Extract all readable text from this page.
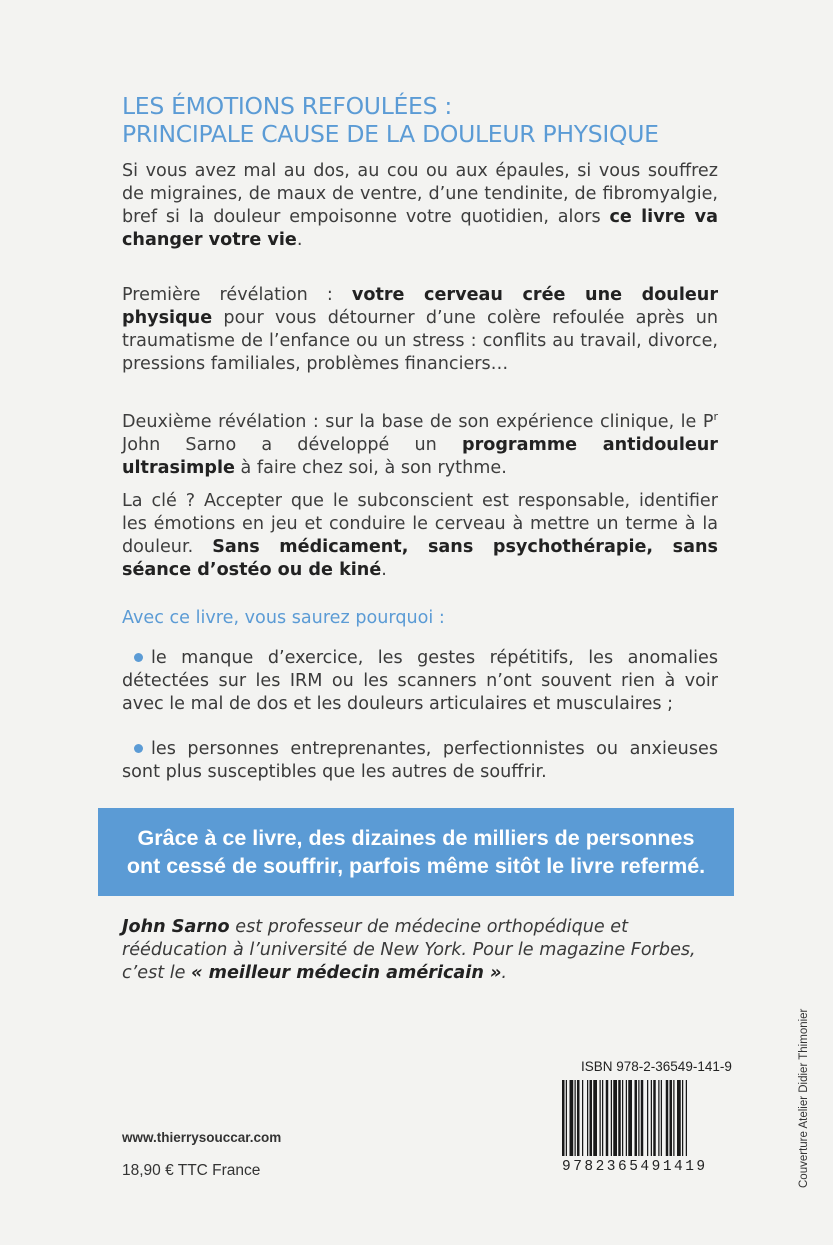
LES ÉMOTIONS REFOULÉES :
PRINCIPALE CAUSE DE LA DOULEUR PHYSIQUE

Si vous avez mal au dos, au cou ou aux épaules, si vous souffrez de migraines, de maux de ventre, d’une tendinite, de fibromyalgie, bref si la douleur empoisonne votre quotidien, alors ce livre va changer votre vie.

Première révélation : votre cerveau crée une douleur physique pour vous détourner d’une colère refoulée après un traumatisme de l’enfance ou un stress : conflits au travail, divorce, pressions familiales, problèmes financiers…

Deuxième révélation : sur la base de son expérience clinique, le $P^r$ John Sarno a développé un programme antidouleur ultrasimple à faire chez soi, à son rythme.

La clé ? Accepter que le subconscient est responsable, identifier les émotions en jeu et conduire le cerveau à mettre un terme à la douleur. Sans médicament, sans psychothérapie, sans séance d’ostéo ou de kiné.

Avec ce livre, vous saurez pourquoi :

le manque d’exercice, les gestes répétitifs, les anomalies détectées sur les IRM ou les scanners n’ont souvent rien à voir avec le mal de dos et les douleurs articulaires et musculaires ;

les personnes entreprenantes, perfectionnistes ou anxieuses sont plus susceptibles que les autres de souffrir.

Grâce à ce livre, des dizaines de milliers de personnes
ont cessé de souffrir, parfois même sitôt le livre refermé.

John Sarno est professeur de médecine orthopédique et rééducation à l’université de New York. Pour le magazine Forbes, c’est le « meilleur médecin américain ».

ISBN 978-2-36549-141-9
9782365491419
www.thierrysouccar.com
18,90 € TTC France	Couverture Atelier Didier Thimonier
